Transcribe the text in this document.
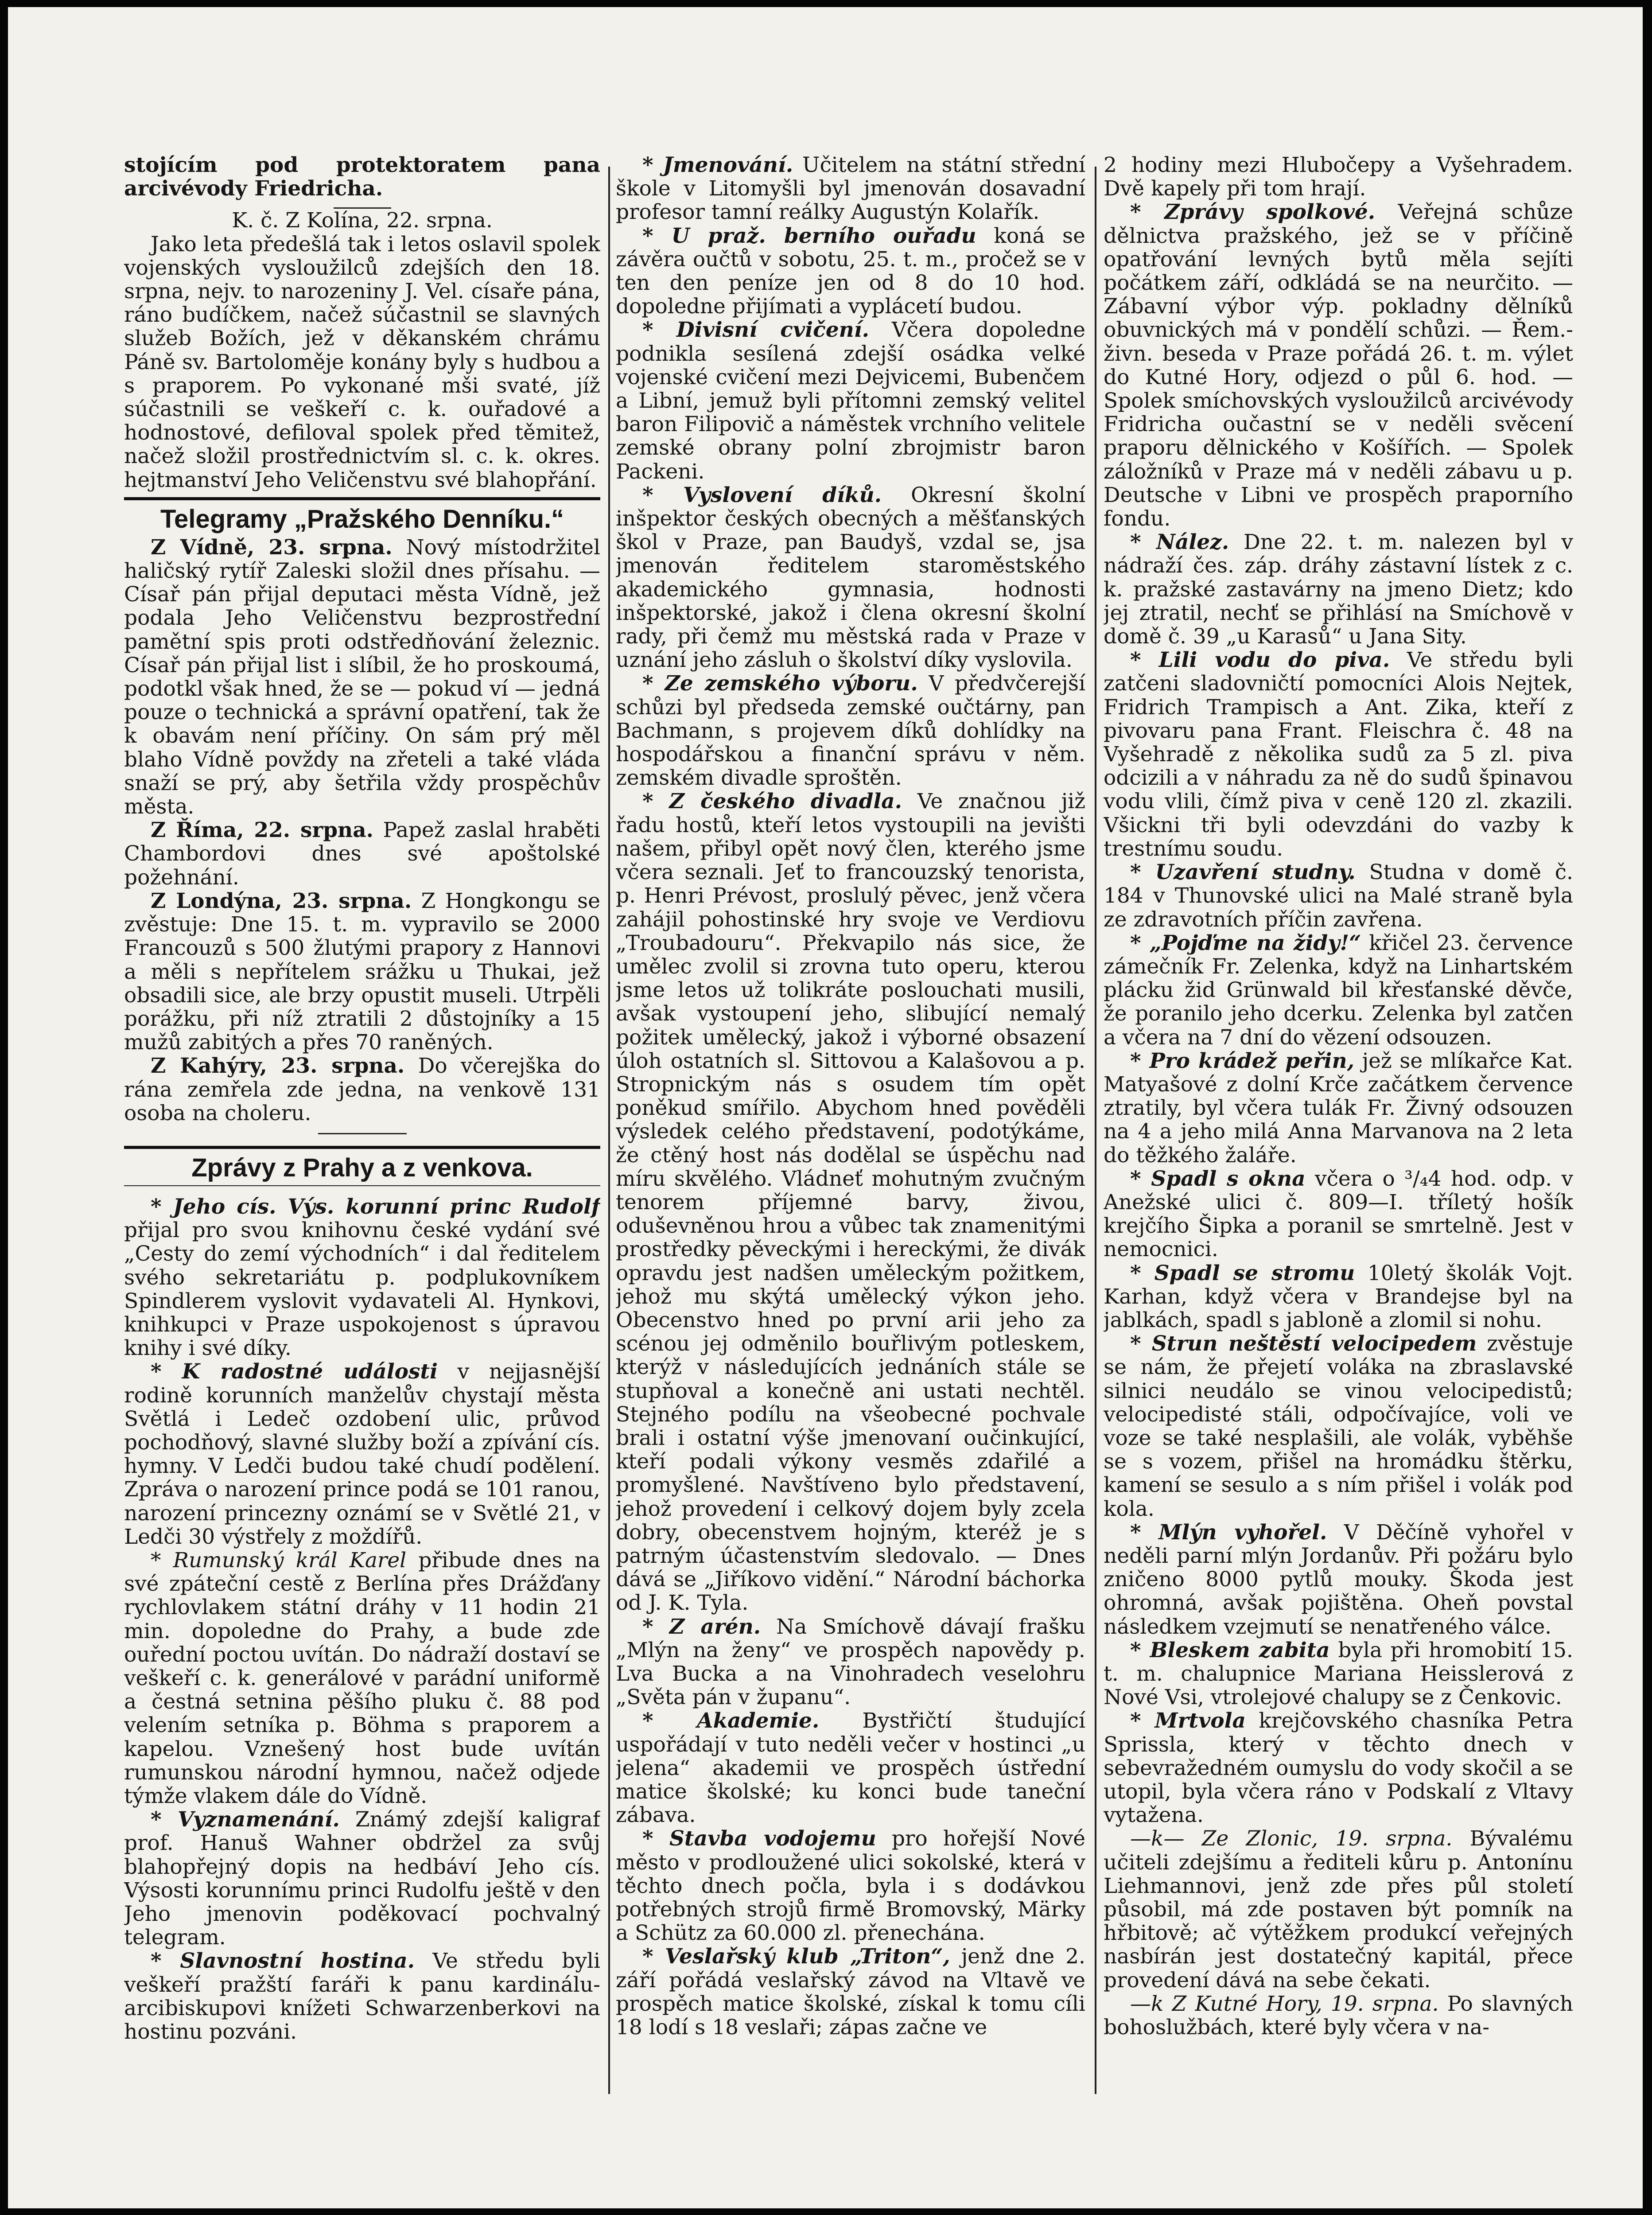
stojícím pod protektoratem pana arcivévody Friedricha.

K. č. Z Kolína, 22. srpna.

Jako leta předešlá tak i letos oslavil spolek vojenských vysloužilců zdejších den 18. srpna, nejv. to narozeniny J. Vel. císaře pána, ráno budíčkem, načež súčastnil se slavných služeb Božích, jež v děkanském chrámu Páně sv. Bartoloměje konány byly s hudbou a s praporem. Po vykonané mši svaté, jíž súčastnili se veškeří c. k. ouřadové a hodnostové, defiloval spolek před těmitež, načež složil prostřednictvím sl. c. k. okres. hejtmanství Jeho Veličenstvu své blahopřání.

Telegramy „Pražského Denníku.“

Z Vídně, 23. srpna. Nový místodržitel haličský rytíř Zaleski složil dnes přísahu. — Císař pán přijal deputaci města Vídně, jež podala Jeho Veličenstvu bezprostřední pamětní spis proti odstředňování železnic. Císař pán přijal list i slíbil, že ho proskoumá, podotkl však hned, že se — pokud ví — jedná pouze o technická a správní opatření, tak že k obavám není příčiny. On sám prý měl blaho Vídně povždy na zřeteli a také vláda snaží se prý, aby šetřila vždy prospěchův města.

Z Říma, 22. srpna. Papež zaslal hraběti Chambordovi dnes své apoštolské požehnání.

Z Londýna, 23. srpna. Z Hongkongu se zvěstuje: Dne 15. t. m. vypravilo se 2000 Francouzů s 500 žlutými prapory z Hannovi a měli s nepřítelem srážku u Thukai, jež obsadili sice, ale brzy opustit museli. Utrpěli porážku, při níž ztratili 2 důstojníky a 15 mužů zabitých a přes 70 raněných.

Z Kahýry, 23. srpna. Do včerejška do rána zemřela zde jedna, na venkově 131 osoba na choleru.

Zprávy z Prahy a z venkova.

* Jeho cís. Výs. korunní princ Rudolf přijal pro svou knihovnu české vydání své „Cesty do zemí východních“ i dal ředitelem svého sekretariátu p. podplukovníkem Spindlerem vyslovit vydavateli Al. Hynkovi, knihkupci v Praze uspokojenost s úpravou knihy i své díky.

* K radostné události v nejjasnější rodině korunních manželův chystají města Světlá i Ledeč ozdobení ulic, průvod pochodňový, slavné služby boží a zpívání cís. hymny. V Ledči budou také chudí podělení. Zpráva o narození prince podá se 101 ranou, narození princezny oznámí se v Světlé 21, v Ledči 30 výstřely z moždířů.

* Rumunský král Karel přibude dnes na své zpáteční cestě z Berlína přes Drážďany rychlovlakem státní dráhy v 11 hodin 21 min. dopoledne do Prahy, a bude zde ouřední poctou uvítán. Do nádraží dostaví se veškeří c. k. generálové v parádní uniformě a čestná setnina pěšího pluku č. 88 pod velením setníka p. Böhma s praporem a kapelou. Vznešený host bude uvítán rumunskou národní hymnou, načež odjede týmže vlakem dále do Vídně.

* Vyznamenání. Známý zdejší kaligraf prof. Hanuš Wahner obdržel za svůj blahopřejný dopis na hedbáví Jeho cís. Výsosti korunnímu princi Rudolfu ještě v den Jeho jmenovin poděkovací pochvalný telegram.

* Slavnostní hostina. Ve středu byli veškeří pražští faráři k panu kardinálu-arcibiskupovi knížeti Schwarzenberkovi na hostinu pozváni.

* Jmenování. Učitelem na státní střední škole v Litomyšli byl jmenován dosavadní profesor tamní reálky Augustýn Kolařík.

* U praž. berního ouřadu koná se závěra oučtů v sobotu, 25. t. m., pročež se v ten den peníze jen od 8 do 10 hod. dopoledne přijímati a vyplácetí budou.

* Divisní cvičení. Včera dopoledne podnikla sesílená zdejší osádka velké vojenské cvičení mezi Dejvicemi, Bubenčem a Libní, jemuž byli přítomni zemský velitel baron Filipovič a náměstek vrchního velitele zemské obrany polní zbrojmistr baron Packeni.

* Vyslovení díků. Okresní školní inšpektor českých obecných a měšťanských škol v Praze, pan Baudyš, vzdal se, jsa jmenován ředitelem staroměstského akademického gymnasia, hodnosti inšpektorské, jakož i člena okresní školní rady, při čemž mu městská rada v Praze v uznání jeho zásluh o školství díky vyslovila.

* Ze zemského výboru. V předvčerejší schůzi byl předseda zemské oučtárny, pan Bachmann, s projevem díků dohlídky na hospodářskou a finanční správu v něm. zemském divadle sproštěn.

* Z českého divadla. Ve značnou již řadu hostů, kteří letos vystoupili na jevišti našem, přibyl opět nový člen, kterého jsme včera seznali. Jeť to francouzský tenorista, p. Henri Prévost, proslulý pěvec, jenž včera zahájil pohostinské hry svoje ve Verdiovu „Troubadouru“. Překvapilo nás sice, že umělec zvolil si zrovna tuto operu, kterou jsme letos už tolikráte poslouchati musili, avšak vystoupení jeho, slibující nemalý požitek umělecký, jakož i výborné obsazení úloh ostatních sl. Sittovou a Kalašovou a p. Stropnickým nás s osudem tím opět poněkud smířilo. Abychom hned pověděli výsledek celého představení, podotýkáme, že ctěný host nás dodělal se úspěchu nad míru skvělého. Vládneť mohutným zvučným tenorem příjemné barvy, živou, oduševněnou hrou a vůbec tak znamenitými prostředky pěveckými i hereckými, že divák opravdu jest nadšen uměleckým požitkem, jehož mu skýtá umělecký výkon jeho. Obecenstvo hned po první arii jeho za scénou jej odměnilo bouřlivým potleskem, kterýž v následujících jednáních stále se stupňoval a konečně ani ustati nechtěl. Stejného podílu na všeobecné pochvale brali i ostatní výše jmenovaní oučinkující, kteří podali výkony vesměs zdařilé a promyšlené. Navštíveno bylo představení, jehož provedení i celkový dojem byly zcela dobry, obecenstvem hojným, kteréž je s patrným účastenstvím sledovalo. — Dnes dává se „Jiříkovo vidění.“ Národní báchorka od J. K. Tyla.

* Z arén. Na Smíchově dávají frašku „Mlýn na ženy“ ve prospěch napovědy p. Lva Bucka a na Vinohradech veselohru „Světa pán v županu“.

* Akademie. Bystřičtí študující uspořádají v tuto neděli večer v hostinci „u jelena“ akademii ve prospěch ústřední matice školské; ku konci bude taneční zábava.

* Stavba vodojemu pro hořejší Nové město v prodloužené ulici sokolské, která v těchto dnech počla, byla i s dodávkou potřebných strojů firmě Bromovský, Märky a Schütz za 60.000 zl. přenechána.

* Veslařský klub „Triton“, jenž dne 2. září pořádá veslařský závod na Vltavě ve prospěch matice školské, získal k tomu cíli 18 lodí s 18 veslaři; zápas začne ve

2 hodiny mezi Hlubočepy a Vyšehradem. Dvě kapely při tom hrají.

* Zprávy spolkové. Veřejná schůze dělnictva pražského, jež se v příčině opatřování levných bytů měla sejíti počátkem září, odkládá se na neurčito. — Zábavní výbor výp. pokladny dělníků obuvnických má v pondělí schůzi. — Řem.-živn. beseda v Praze pořádá 26. t. m. výlet do Kutné Hory, odjezd o půl 6. hod. — Spolek smíchovských vysloužilců arcivévody Fridricha oučastní se v neděli svěcení praporu dělnického v Košířích. — Spolek záložníků v Praze má v neděli zábavu u p. Deutsche v Libni ve prospěch praporního fondu.

* Nález. Dne 22. t. m. nalezen byl v nádraží čes. záp. dráhy zástavní lístek z c. k. pražské zastavárny na jmeno Dietz; kdo jej ztratil, nechť se přihlásí na Smíchově v domě č. 39 „u Karasů“ u Jana Sity.

* Lili vodu do piva. Ve středu byli zatčeni sladovničtí pomocníci Alois Nejtek, Fridrich Trampisch a Ant. Zika, kteří z pivovaru pana Frant. Fleischra č. 48 na Vyšehradě z několika sudů za 5 zl. piva odcizili a v náhradu za ně do sudů špinavou vodu vlili, čímž piva v ceně 120 zl. zkazili. Všickni tři byli odevzdáni do vazby k trestnímu soudu.

* Uzavření studny. Studna v domě č. 184 v Thunovské ulici na Malé straně byla ze zdravotních příčin zavřena.

* „Pojďme na židy!“ křičel 23. července zámečník Fr. Zelenka, když na Linhartském plácku žid Grünwald bil křesťanské děvče, že poranilo jeho dcerku. Zelenka byl zatčen a včera na 7 dní do vězení odsouzen.

* Pro krádež peřin, jež se mlíkařce Kat. Matyašové z dolní Krče začátkem července ztratily, byl včera tulák Fr. Živný odsouzen na 4 a jeho milá Anna Marvanova na 2 leta do těžkého žaláře.

* Spadl s okna včera o ³/₄4 hod. odp. v Anežské ulici č. 809—I. tříletý hošík krejčího Šipka a poranil se smrtelně. Jest v nemocnici.

* Spadl se stromu 10letý školák Vojt. Karhan, když včera v Brandejse byl na jablkách, spadl s jabloně a zlomil si nohu.

* Strun neštěstí velocipedem zvěstuje se nám, že přejetí voláka na zbraslavské silnici neudálo se vinou velocipedistů; velocipedisté stáli, odpočívajíce, voli ve voze se také nesplašili, ale volák, vyběhše se s vozem, přišel na hromádku štěrku, kamení se sesulo a s ním přišel i volák pod kola.

* Mlýn vyhořel. V Děčíně vyhořel v neděli parní mlýn Jordanův. Při požáru bylo zničeno 8000 pytlů mouky. Škoda jest ohromná, avšak pojištěna. Oheň povstal následkem vzejmutí se nenatřeného válce.

* Bleskem zabita byla při hromobití 15. t. m. chalupnice Mariana Heisslerová z Nové Vsi, vtrolejové chalupy se z Čenkovic.

* Mrtvola krejčovského chasníka Petra Sprissla, který v těchto dnech v sebevražedném oumyslu do vody skočil a se utopil, byla včera ráno v Podskalí z Vltavy vytažena.

—k— Ze Zlonic, 19. srpna. Bývalému učiteli zdejšímu a řediteli kůru p. Antonínu Liehmannovi, jenž zde přes půl století působil, má zde postaven být pomník na hřbitově; ač výtěžkem produkcí veřejných nasbírán jest dostatečný kapitál, přece provedení dává na sebe čekati.

—k Z Kutné Hory, 19. srpna. Po slavných bohoslužbách, které byly včera v na-
